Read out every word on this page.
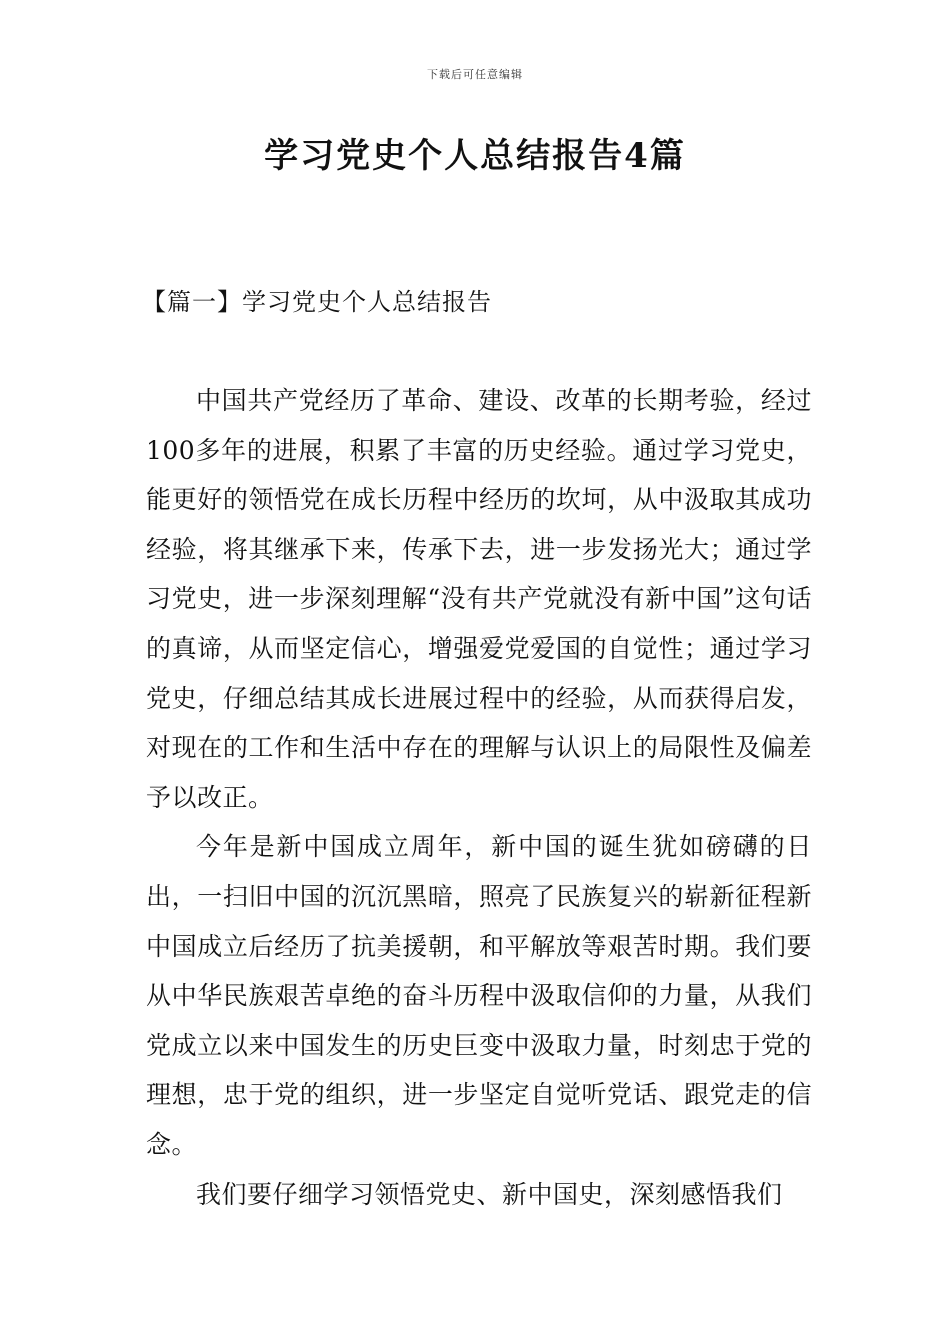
下载后可任意编辑
学习党史个人总结报告4篇
【篇一】学习党史个人总结报告

中国共产党经历了革命、建设、改革的长期考验，经过100多年的进展，积累了丰富的历史经验。通过学习党史，能更好的领悟党在成长历程中经历的坎坷，从中汲取其成功经验，将其继承下来，传承下去，进一步发扬光大；通过学习党史，进一步深刻理解“没有共产党就没有新中国”这句话的真谛，从而坚定信心，增强爱党爱国的自觉性；通过学习党史，仔细总结其成长进展过程中的经验，从而获得启发，对现在的工作和生活中存在的理解与认识上的局限性及偏差予以改正。

今年是新中国成立周年，新中国的诞生犹如磅礴的日出，一扫旧中国的沉沉黑暗，照亮了民族复兴的崭新征程新中国成立后经历了抗美援朝，和平解放等艰苦时期。我们要从中华民族艰苦卓绝的奋斗历程中汲取信仰的力量，从我们党成立以来中国发生的历史巨变中汲取力量，时刻忠于党的理想，忠于党的组织，进一步坚定自觉听党话、跟党走的信念。

我们要仔细学习领悟党史、新中国史，深刻感悟我们
